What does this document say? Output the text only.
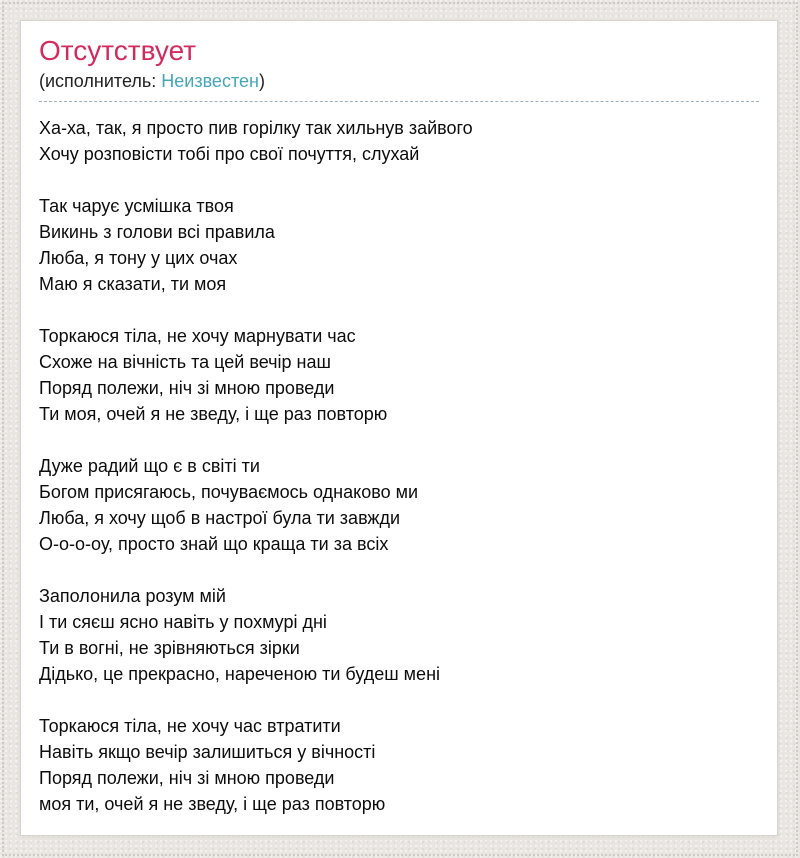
Отсутствует
(исполнитель: Неизвестен)
Ха-ха, так, я просто пив горілку так хильнув зайвого
Хочу розповісти тобі про свої почуття, слухай
Так чарує усмішка твоя
Викинь з голови всі правила
Люба, я тону у цих очах
Маю я сказати, ти моя
Торкаюся тіла, не хочу марнувати час
Схоже на вічність та цей вечір наш
Поряд полежи, ніч зі мною проведи
Ти моя, очей я не зведу, і ще раз повторю
Дуже радий що є в світі ти
Богом присягаюсь, почуваємось однаково ми
Люба, я хочу щоб в настрої була ти завжди
О-о-о-оу, просто знай що краща ти за всіх
Заполонила розум мій
І ти сяєш ясно навіть у похмурі дні
Ти в вогні, не зрівняються зірки
Дідько, це прекрасно, нареченою ти будеш мені
Торкаюся тіла, не хочу час втратити
Навіть якщо вечір залишиться у вічності
Поряд полежи, ніч зі мною проведи
моя ти, очей я не зведу, і ще раз повторю
